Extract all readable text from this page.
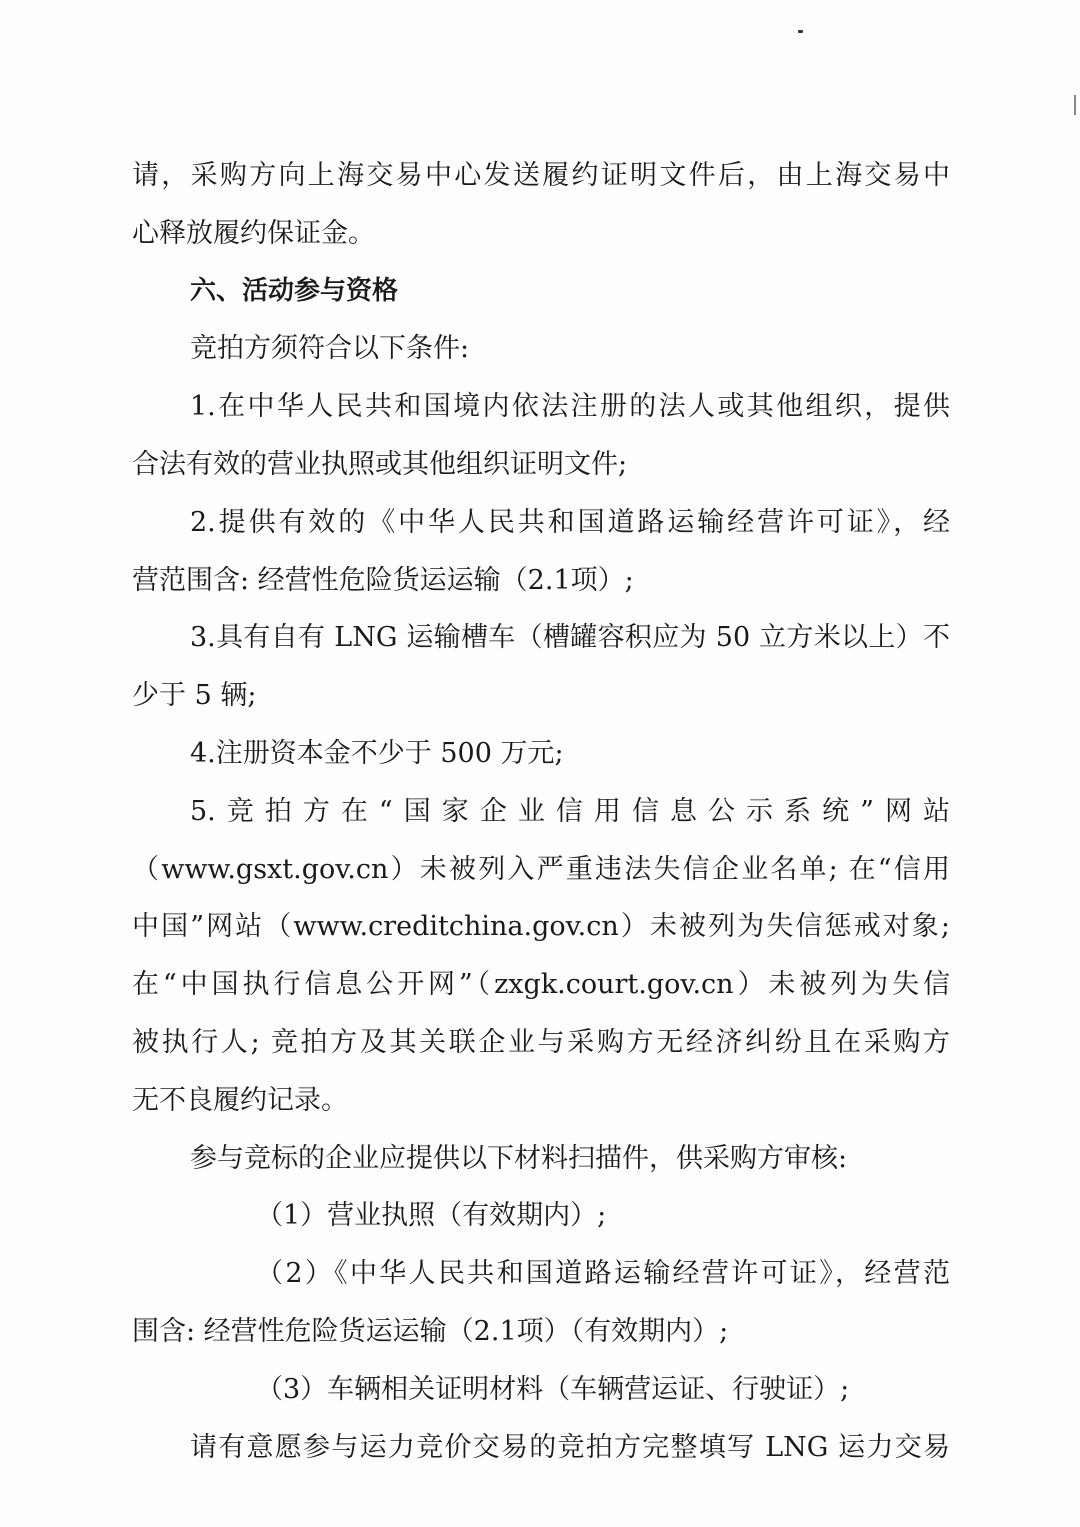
请，采购方向上海交易中心发送履约证明文件后，由上海交易中
心释放履约保证金。
六、活动参与资格
竞拍方须符合以下条件:
1.在中华人民共和国境内依法注册的法人或其他组织，提供
合法有效的营业执照或其他组织证明文件;
2.提供有效的《中华人民共和国道路运输经营许可证》，经
营范围含: 经营性危险货运运输（2.1项）;
3.具有自有 LNG 运输槽车（槽罐容积应为 50 立方米以上）不
少于 5 辆;
4.注册资本金不少于 500 万元;
5.竞拍方在“国家企业信用信息公示系统”网站
（www.gsxt.gov.cn）未被列入严重违法失信企业名单; 在“信用
中国”网站（www.creditchina.gov.cn）未被列为失信惩戒对象;
在“中国执行信息公开网”（zxgk.court.gov.cn）未被列为失信
被执行人; 竞拍方及其关联企业与采购方无经济纠纷且在采购方
无不良履约记录。
参与竞标的企业应提供以下材料扫描件，供采购方审核:
（1）营业执照（有效期内）;
（2）《中华人民共和国道路运输经营许可证》，经营范
围含: 经营性危险货运运输（2.1项）（有效期内）;
（3）车辆相关证明材料（车辆营运证、行驶证）;
请有意愿参与运力竞价交易的竞拍方完整填写 LNG 运力交易
